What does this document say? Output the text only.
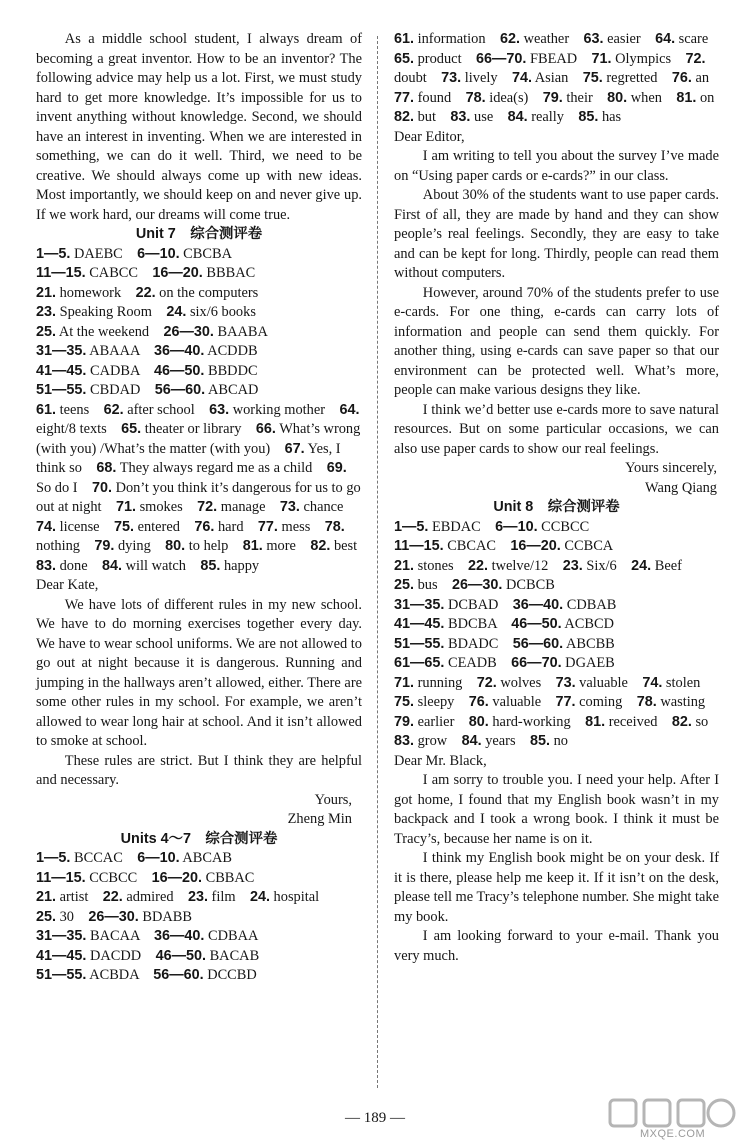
As a middle school student, I always dream of becoming a great inventor. How to be an inventor? The following advice may help us a lot. First, we must study hard to get more knowledge. It’s impossible for us to invent anything without knowledge. Second, we should have an interest in inventing. When we are interested in something, we can do it well. Third, we need to be creative. We should always come up with new ideas. Most importantly, we should keep on and never give up. If we work hard, our dreams will come true.

Unit 7　综合测评卷

1—5. DAEBC　6—10. CBCBA
11—15. CABCC　16—20. BBBAC
21. homework　22. on the computers
23. Speaking Room　24. six/6 books
25. At the weekend　26—30. BAABA
31—35. ABAAA　36—40. ACDDB
41—45. CADBA　46—50. BBDDC
51—55. CBDAD　56—60. ABCAD

61. teens　62. after school　63. working mother　64. eight/8 texts　65. theater or library　66. What’s wrong (with you) /What’s the matter (with you)　67. Yes, I think so　68. They always regard me as a child　69. So do I　70. Don’t you think it’s dangerous for us to go out at night　71. smokes　72. manage　73. chance　74. license　75. entered　76. hard　77. mess　78. nothing　79. dying　80. to help　81. more　82. best　83. done　84. will watch　85. happy

Dear Kate,

We have lots of different rules in my new school. We have to do morning exercises together every day. We have to wear school uniforms. We are not allowed to go out at night because it is dangerous. Running and jumping in the hallways aren’t allowed, either. There are some other rules in my school. For example, we aren’t allowed to wear long hair at school. And it isn’t allowed to smoke at school.

These rules are strict. But I think they are helpful and necessary.

Yours,

Zheng Min

Units 4～7　综合测评卷

1—5. BCCAC　6—10. ABCAB
11—15. CCBCC　16—20. CBBAC
21. artist　22. admired　23. film　24. hospital
25. 30　26—30. BDABB
31—35. BACAA　36—40. CDBAA
41—45. DACDD　46—50. BACAB
51—55. ACBDA　56—60. DCCBD

61. information　62. weather　63. easier　64. scare　65. product　66—70. FBEAD　71. Olympics　72. doubt　73. lively　74. Asian　75. regretted　76. an　77. found　78. idea(s)　79. their　80. when　81. on　82. but　83. use　84. really　85. has

Dear Editor,

I am writing to tell you about the survey I’ve made on “Using paper cards or e-cards?” in our class.

About 30% of the students want to use paper cards. First of all, they are made by hand and they can show people’s real feelings. Secondly, they are easy to take and can be kept for long. Thirdly, people can read them without computers.

However, around 70% of the students prefer to use e-cards. For one thing, e-cards can carry lots of information and people can send them quickly. For another thing, using e-cards can save paper so that our environment can be protected well. What’s more, people can make various designs they like.

I think we’d better use e-cards more to save natural resources. But on some particular occasions, we can also use paper cards to show our real feelings.

Yours sincerely,

Wang Qiang

Unit 8　综合测评卷

1—5. EBDAC　6—10. CCBCC
11—15. CBCAC　16—20. CCBCA
21. stones　22. twelve/12　23. Six/6　24. Beef
25. bus　26—30. DCBCB
31—35. DCBAD　36—40. CDBAB
41—45. BDCBA　46—50. ACBCD
51—55. BDADC　56—60. ABCBB
61—65. CEADB　66—70. DGAEB

71. running　72. wolves　73. valuable　74. stolen　75. sleepy　76. valuable　77. coming　78. wasting　79. earlier　80. hard-working　81. received　82. so　83. grow　84. years　85. no

Dear Mr. Black,

I am sorry to trouble you. I need your help. After I got home, I found that my English book wasn’t in my backpack and I took a wrong book. I think it must be Tracy’s, because her name is on it.

I think my English book might be on your desk. If it is there, please help me keep it. If it isn’t on the desk, please tell me Tracy’s telephone number. She might take my book.

I am looking forward to your e-mail. Thank you very much.

— 189 —
MXQE.COM
